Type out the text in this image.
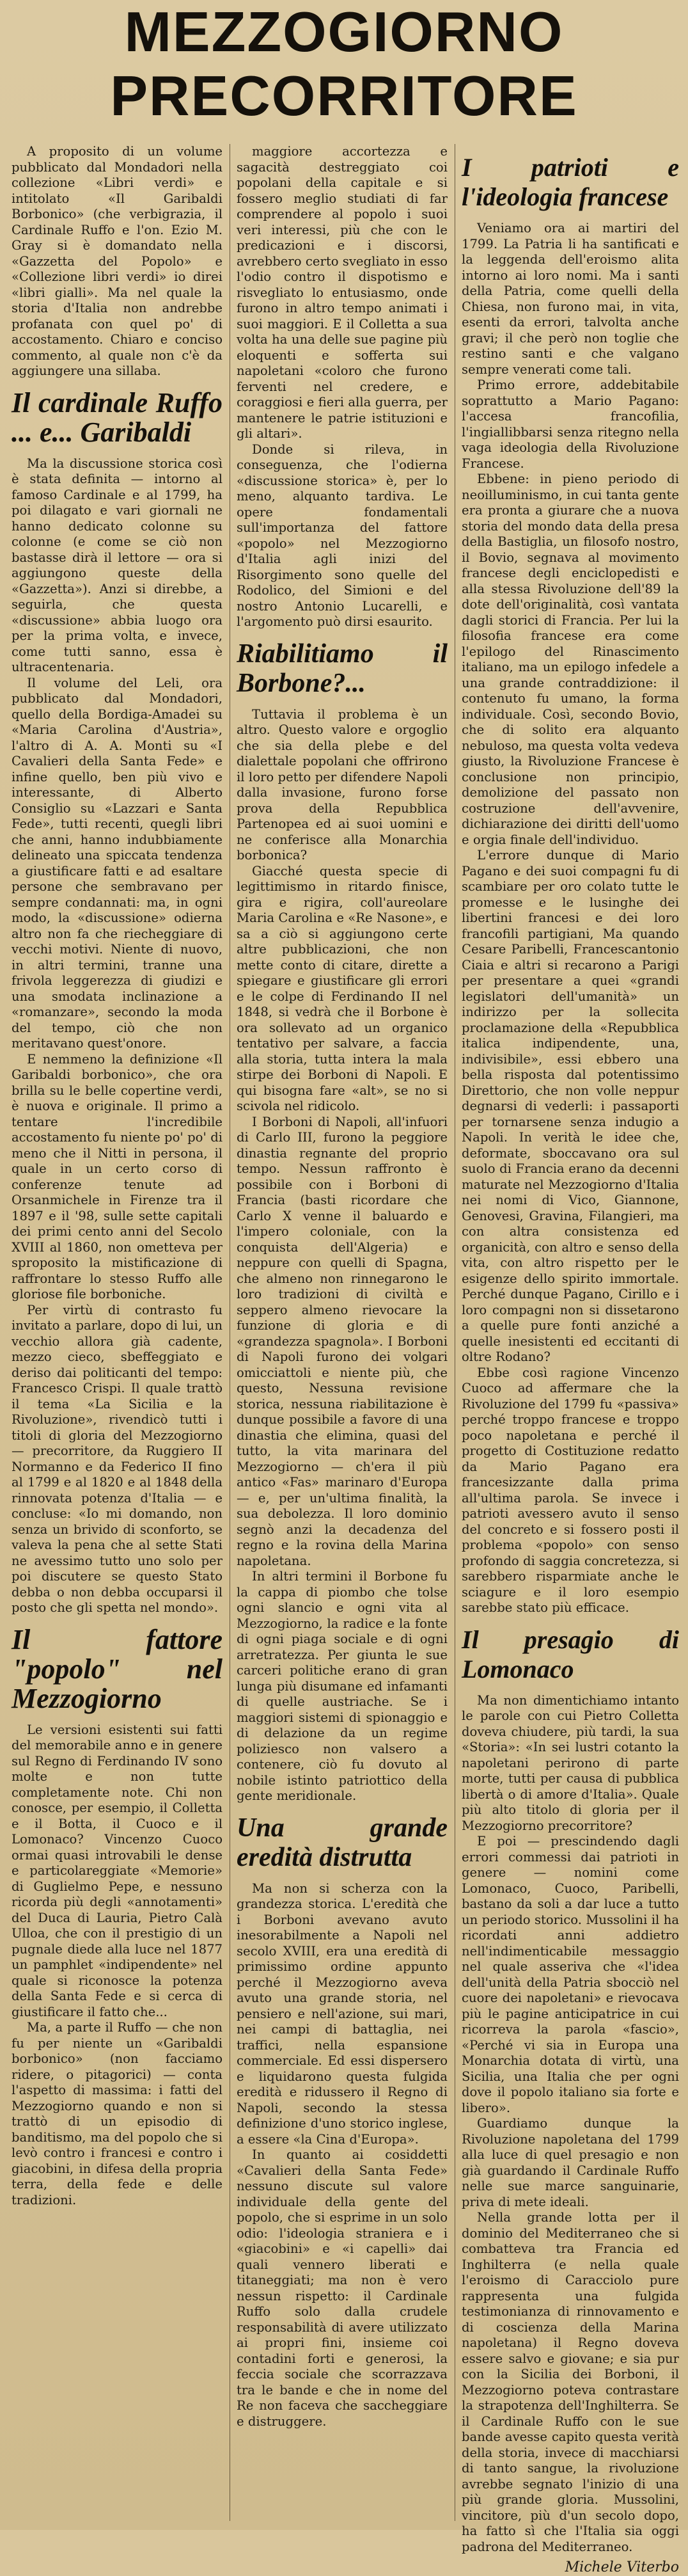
MEZZOGIORNO
PRECORRITORE

A proposito di un volume pubblicato dal Mondadori nella collezione «Libri verdi» e intitolato «Il Garibaldi Borbonico» (che verbigrazia, il Cardinale Ruffo e l'on. Ezio M. Gray si è domandato nella «Gazzetta del Popolo» e «Collezione libri verdi» io direi «libri gialli». Ma nel quale la storia d'Italia non andrebbe profanata con quel po' di accostamento. Chiaro e conciso commento, al quale non c'è da aggiungere una sillaba.

Il cardinale Ruffo ... e... Garibaldi

Ma la discussione storica così è stata definita — intorno al famoso Cardinale e al 1799, ha poi dilagato e vari giornali ne hanno dedicato colonne su colonne (e come se ciò non bastasse dirà il lettore — ora si aggiungono queste della «Gazzetta»). Anzi si direbbe, a seguirla, che questa «discussione» abbia luogo ora per la prima volta, e invece, come tutti sanno, essa è ultracentenaria.

Il volume del Leli, ora pubblicato dal Mondadori, quello della Bordiga-Amadei su «Maria Carolina d'Austria», l'altro di A. A. Monti su «I Cavalieri della Santa Fede» e infine quello, ben più vivo e interessante, di Alberto Consiglio su «Lazzari e Santa Fede», tutti recenti, quegli libri che anni, hanno indubbiamente delineato una spiccata tendenza a giustificare fatti e ad esaltare persone che sembravano per sempre condannati: ma, in ogni modo, la «discussione» odierna altro non fa che riecheggiare di vecchi motivi. Niente di nuovo, in altri termini, tranne una frivola leggerezza di giudizi e una smodata inclinazione a «romanzare», secondo la moda del tempo, ciò che non meritavano quest'onore.

E nemmeno la definizione «Il Garibaldi borbonico», che ora brilla su le belle copertine verdi, è nuova e originale. Il primo a tentare l'incredibile accostamento fu niente po' po' di meno che il Nitti in persona, il quale in un certo corso di conferenze tenute ad Orsanmichele in Firenze tra il 1897 e il '98, sulle sette capitali dei primi cento anni del Secolo XVIII al 1860, non ometteva per sproposito la mistificazione di raffrontare lo stesso Ruffo alle gloriose file borboniche.

Per virtù di contrasto fu invitato a parlare, dopo di lui, un vecchio allora già cadente, mezzo cieco, sbeffeggiato e deriso dai politicanti del tempo: Francesco Crispi. Il quale trattò il tema «La Sicilia e la Rivoluzione», rivendicò tutti i titoli di gloria del Mezzogiorno — precorritore, da Ruggiero II Normanno e da Federico II fino al 1799 e al 1820 e al 1848 della rinnovata potenza d'Italia — e concluse: «Io mi domando, non senza un brivido di sconforto, se valeva la pena che al sette Stati ne avessimo tutto uno solo per poi discutere se questo Stato debba o non debba occuparsi il posto che gli spetta nel mondo».

Il fattore "popolo" nel Mezzogiorno

Le versioni esistenti sui fatti del memorabile anno e in genere sul Regno di Ferdinando IV sono molte e non tutte completamente note. Chi non conosce, per esempio, il Colletta e il Botta, il Cuoco e il Lomonaco? Vincenzo Cuoco ormai quasi introvabili le dense e particolareggiate «Memorie» di Guglielmo Pepe, e nessuno ricorda più degli «annotamenti» del Duca di Lauria, Pietro Calà Ulloa, che con il prestigio di un pugnale diede alla luce nel 1877 un pamphlet «indipendente» nel quale si riconosce la potenza della Santa Fede e si cerca di giustificare il fatto che...

Ma, a parte il Ruffo — che non fu per niente un «Garibaldi borbonico» (non facciamo ridere, o pitagorici) — conta l'aspetto di massima: i fatti del Mezzogiorno quando e non si trattò di un episodio di banditismo, ma del popolo che si levò contro i francesi e contro i giacobini, in difesa della propria terra, della fede e delle tradizioni.

maggiore accortezza e sagacità destreggiato coi popolani della capitale e si fossero meglio studiati di far comprendere al popolo i suoi veri interessi, più che con le predicazioni e i discorsi, avrebbero certo svegliato in esso l'odio contro il dispotismo e risvegliato lo entusiasmo, onde furono in altro tempo animati i suoi maggiori. E il Colletta a sua volta ha una delle sue pagine più eloquenti e sofferta sui napoletani «coloro che furono ferventi nel credere, e coraggiosi e fieri alla guerra, per mantenere le patrie istituzioni e gli altari».

Donde si rileva, in conseguenza, che l'odierna «discussione storica» è, per lo meno, alquanto tardiva. Le opere fondamentali sull'importanza del fattore «popolo» nel Mezzogiorno d'Italia agli inizi del Risorgimento sono quelle del Rodolico, del Simioni e del nostro Antonio Lucarelli, e l'argomento può dirsi esaurito.

Riabilitiamo il Borbone?...

Tuttavia il problema è un altro. Questo valore e orgoglio che sia della plebe e del dialettale popolani che offrirono il loro petto per difendere Napoli dalla invasione, furono forse prova della Repubblica Partenopea ed ai suoi uomini e ne conferisce alla Monarchia borbonica?

Giacché questa specie di legittimismo in ritardo finisce, gira e rigira, coll'aureolare Maria Carolina e «Re Nasone», e sa a ciò si aggiungono certe altre pubblicazioni, che non mette conto di citare, dirette a spiegare e giustificare gli errori e le colpe di Ferdinando II nel 1848, si vedrà che il Borbone è ora sollevato ad un organico tentativo per salvare, a faccia alla storia, tutta intera la mala stirpe dei Borboni di Napoli. E qui bisogna fare «alt», se no si scivola nel ridicolo.

I Borboni di Napoli, all'infuori di Carlo III, furono la peggiore dinastia regnante del proprio tempo. Nessun raffronto è possibile con i Borboni di Francia (basti ricordare che Carlo X venne il baluardo e l'impero coloniale, con la conquista dell'Algeria) e neppure con quelli di Spagna, che almeno non rinnegarono le loro tradizioni di civiltà e seppero almeno rievocare la funzione di gloria e di «grandezza spagnola». I Borboni di Napoli furono dei volgari omicciattoli e niente più, che questo, Nessuna revisione storica, nessuna riabilitazione è dunque possibile a favore di una dinastia che elimina, quasi del tutto, la vita marinara del Mezzogiorno — ch'era il più antico «Fas» marinaro d'Europa — e, per un'ultima finalità, la sua debolezza. Il loro dominio segnò anzi la decadenza del regno e la rovina della Marina napoletana.

In altri termini il Borbone fu la cappa di piombo che tolse ogni slancio e ogni vita al Mezzogiorno, la radice e la fonte di ogni piaga sociale e di ogni arretratezza. Per giunta le sue carceri politiche erano di gran lunga più disumane ed infamanti di quelle austriache. Se i maggiori sistemi di spionaggio e di delazione da un regime poliziesco non valsero a contenere, ciò fu dovuto al nobile istinto patriottico della gente meridionale.

Una grande eredità distrutta

Ma non si scherza con la grandezza storica. L'eredità che i Borboni avevano avuto inesorabilmente a Napoli nel secolo XVIII, era una eredità di primissimo ordine appunto perché il Mezzogiorno aveva avuto una grande storia, nel pensiero e nell'azione, sui mari, nei campi di battaglia, nei traffici, nella espansione commerciale. Ed essi dispersero e liquidarono questa fulgida eredità e ridussero il Regno di Napoli, secondo la stessa definizione d'uno storico inglese, a essere «la Cina d'Europa».

In quanto ai cosiddetti «Cavalieri della Santa Fede» nessuno discute sul valore individuale della gente del popolo, che si esprime in un solo odio: l'ideologia straniera e i «giacobini» e «i capelli» dai quali vennero liberati e titaneggiati; ma non è vero nessun rispetto: il Cardinale Ruffo solo dalla crudele responsabilità di avere utilizzato ai propri fini, insieme coi contadini forti e generosi, la feccia sociale che scorrazzava tra le bande e che in nome del Re non faceva che saccheggiare e distruggere.

I patrioti e l'ideologia francese

Veniamo ora ai martiri del 1799. La Patria li ha santificati e la leggenda dell'eroismo alita intorno ai loro nomi. Ma i santi della Patria, come quelli della Chiesa, non furono mai, in vita, esenti da errori, talvolta anche gravi; il che però non toglie che restino santi e che valgano sempre venerati come tali.

Primo errore, addebitabile soprattutto a Mario Pagano: l'accesa francofilia, l'ingiallibbarsi senza ritegno nella vaga ideologia della Rivoluzione Francese.

Ebbene: in pieno periodo di neoilluminismo, in cui tanta gente era pronta a giurare che a nuova storia del mondo data della presa della Bastiglia, un filosofo nostro, il Bovio, segnava al movimento francese degli enciclopedisti e alla stessa Rivoluzione dell'89 la dote dell'originalità, così vantata dagli storici di Francia. Per lui la filosofia francese era come l'epilogo del Rinascimento italiano, ma un epilogo infedele a una grande contraddizione: il contenuto fu umano, la forma individuale. Così, secondo Bovio, che di solito era alquanto nebuloso, ma questa volta vedeva giusto, la Rivoluzione Francese è conclusione non principio, demolizione del passato non costruzione dell'avvenire, dichiarazione dei diritti dell'uomo e orgia finale dell'individuo.

L'errore dunque di Mario Pagano e dei suoi compagni fu di scambiare per oro colato tutte le promesse e le lusinghe dei libertini francesi e dei loro francofili partigiani, Ma quando Cesare Paribelli, Francescantonio Ciaia e altri si recarono a Parigi per presentare a quei «grandi legislatori dell'umanità» un indirizzo per la sollecita proclamazione della «Repubblica italica indipendente, una, indivisibile», essi ebbero una bella risposta dal potentissimo Direttorio, che non volle neppur degnarsi di vederli: i passaporti per tornarsene senza indugio a Napoli. In verità le idee che, deformate, sboccavano ora sul suolo di Francia erano da decenni maturate nel Mezzogiorno d'Italia nei nomi di Vico, Giannone, Genovesi, Gravina, Filangieri, ma con altra consistenza ed organicità, con altro e senso della vita, con altro rispetto per le esigenze dello spirito immortale. Perché dunque Pagano, Cirillo e i loro compagni non si dissetarono a quelle pure fonti anziché a quelle inesistenti ed eccitanti di oltre Rodano?

Ebbe così ragione Vincenzo Cuoco ad affermare che la Rivoluzione del 1799 fu «passiva» perché troppo francese e troppo poco napoletana e perché il progetto di Costituzione redatto da Mario Pagano era francesizzante dalla prima all'ultima parola. Se invece i patrioti avessero avuto il senso del concreto e si fossero posti il problema «popolo» con senso profondo di saggia concretezza, si sarebbero risparmiate anche le sciagure e il loro esempio sarebbe stato più efficace.

Il presagio di Lomonaco

Ma non dimentichiamo intanto le parole con cui Pietro Colletta doveva chiudere, più tardi, la sua «Storia»: «In sei lustri cotanto la napoletani perirono di parte morte, tutti per causa di pubblica libertà o di amore d'Italia». Quale più alto titolo di gloria per il Mezzogiorno precorritore?

E poi — prescindendo dagli errori commessi dai patrioti in genere — nomini come Lomonaco, Cuoco, Paribelli, bastano da soli a dar luce a tutto un periodo storico. Mussolini il ha ricordati anni addietro nell'indimenticabile messaggio nel quale asseriva che «l'idea dell'unità della Patria sbocciò nel cuore dei napoletani» e rievocava più le pagine anticipatrice in cui ricorreva la parola «fascio», «Perché vi sia in Europa una Monarchia dotata di virtù, una Sicilia, una Italia che per ogni dove il popolo italiano sia forte e libero».

Guardiamo dunque la Rivoluzione napoletana del 1799 alla luce di quel presagio e non già guardando il Cardinale Ruffo nelle sue marce sanguinarie, priva di mete ideali.

Nella grande lotta per il dominio del Mediterraneo che si combatteva tra Francia ed Inghilterra (e nella quale l'eroismo di Caracciolo pure rappresenta una fulgida testimonianza di rinnovamento e di coscienza della Marina napoletana) il Regno doveva essere salvo e giovane; e sia pur con la Sicilia dei Borboni, il Mezzogiorno poteva contrastare la strapotenza dell'Inghilterra. Se il Cardinale Ruffo con le sue bande avesse capito questa verità della storia, invece di macchiarsi di tanto sangue, la rivoluzione avrebbe segnato l'inizio di una più grande gloria. Mussolini, vincitore, più d'un secolo dopo, ha fatto sì che l'Italia sia oggi padrona del Mediterraneo.

Michele Viterbo
